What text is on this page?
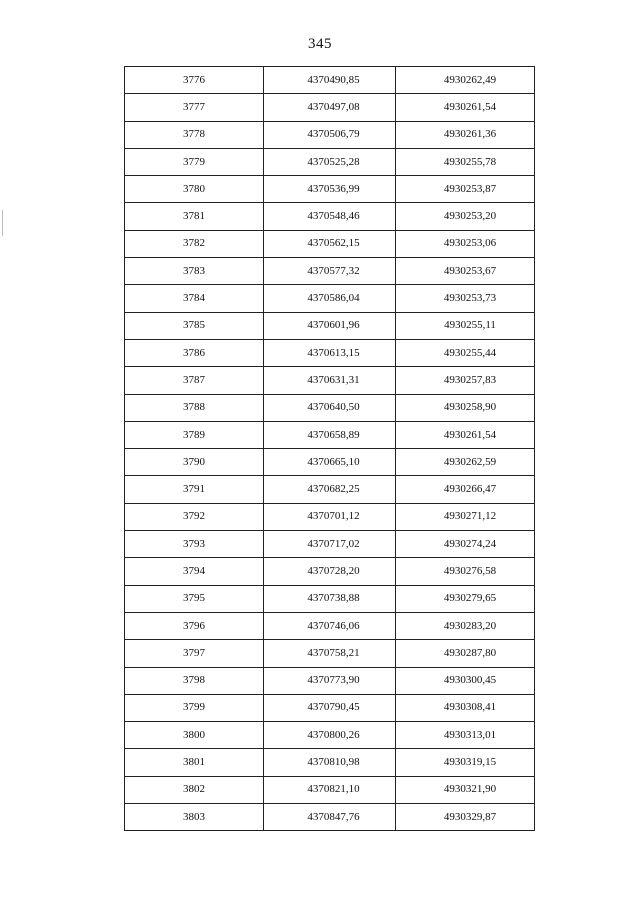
345
3776	4370490,85	4930262,49
3777	4370497,08	4930261,54
3778	4370506,79	4930261,36
3779	4370525,28	4930255,78
3780	4370536,99	4930253,87
3781	4370548,46	4930253,20
3782	4370562,15	4930253,06
3783	4370577,32	4930253,67
3784	4370586,04	4930253,73
3785	4370601,96	4930255,11
3786	4370613,15	4930255,44
3787	4370631,31	4930257,83
3788	4370640,50	4930258,90
3789	4370658,89	4930261,54
3790	4370665,10	4930262,59
3791	4370682,25	4930266,47
3792	4370701,12	4930271,12
3793	4370717,02	4930274,24
3794	4370728,20	4930276,58
3795	4370738,88	4930279,65
3796	4370746,06	4930283,20
3797	4370758,21	4930287,80
3798	4370773,90	4930300,45
3799	4370790,45	4930308,41
3800	4370800,26	4930313,01
3801	4370810,98	4930319,15
3802	4370821,10	4930321,90
3803	4370847,76	4930329,87
